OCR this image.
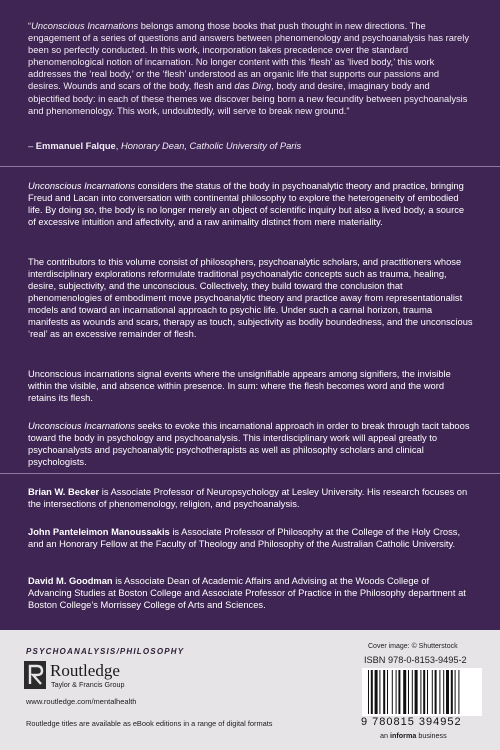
“Unconscious Incarnations belongs among those books that push thought in new directions. The engagement of a series of questions and answers between phenomenology and psychoanalysis has rarely been so perfectly conducted. In this work, incorporation takes precedence over the standard phenomenological notion of incarnation. No longer content with this ‘flesh’ as ‘lived body,’ this work addresses the ‘real body,’ or the ‘flesh’ understood as an organic life that supports our passions and desires. Wounds and scars of the body, flesh and das Ding, body and desire, imaginary body and objectified body: in each of these themes we discover being born a new fecundity between psychoanalysis and phenomenology. This work, undoubtedly, will serve to break new ground.”

– Emmanuel Falque, Honorary Dean, Catholic University of Paris

Unconscious Incarnations considers the status of the body in psychoanalytic theory and practice, bringing Freud and Lacan into conversation with continental philosophy to explore the heterogeneity of embodied life. By doing so, the body is no longer merely an object of scientific inquiry but also a lived body, a source of excessive intuition and affectivity, and a raw animality distinct from mere materiality.

The contributors to this volume consist of philosophers, psychoanalytic scholars, and practitioners whose interdisciplinary explorations reformulate traditional psychoanalytic concepts such as trauma, healing, desire, subjectivity, and the unconscious. Collectively, they build toward the conclusion that phenomenologies of embodiment move psychoanalytic theory and practice away from representationalist models and toward an incarnational approach to psychic life. Under such a carnal horizon, trauma manifests as wounds and scars, therapy as touch, subjectivity as bodily boundedness, and the unconscious ‘real’ as an excessive remainder of flesh.

Unconscious incarnations signal events where the unsignifiable appears among signifiers, the invisible within the visible, and absence within presence. In sum: where the flesh becomes word and the word retains its flesh.

Unconscious Incarnations seeks to evoke this incarnational approach in order to break through tacit taboos toward the body in psychology and psychoanalysis. This interdisciplinary work will appeal greatly to psychoanalysts and psychoanalytic psychotherapists as well as philosophy scholars and clinical psychologists.

Brian W. Becker is Associate Professor of Neuropsychology at Lesley University. His research focuses on the intersections of phenomenology, religion, and psychoanalysis.

John Panteleimon Manoussakis is Associate Professor of Philosophy at the College of the Holy Cross, and an Honorary Fellow at the Faculty of Theology and Philosophy of the Australian Catholic University.

David M. Goodman is Associate Dean of Academic Affairs and Advising at the Woods College of Advancing Studies at Boston College and Associate Professor of Practice in the Philosophy department at Boston College’s Morrissey College of Arts and Sciences.

PSYCHOANALYSIS/PHILOSOPHY
Routledge
Taylor & Francis Group
www.routledge.com/mentalhealth
Routledge titles are available as eBook editions in a range of digital formats
Cover image: © Shutterstock
ISBN 978-0-8153-9495-2
9 780815 394952
an informa business
